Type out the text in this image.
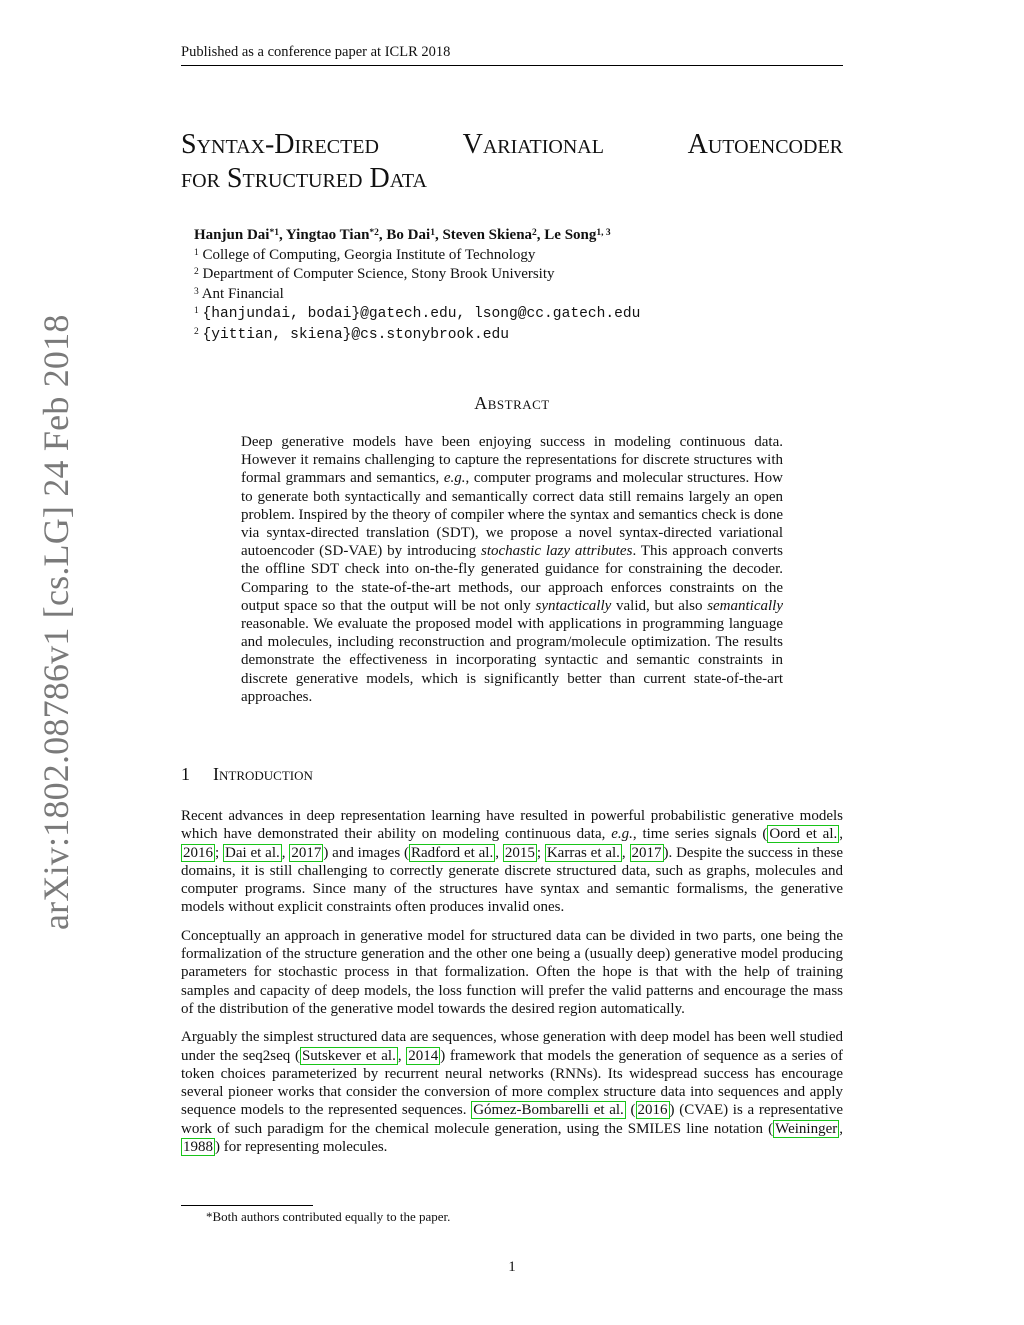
Published as a conference paper at ICLR 2018
arXiv:1802.08786v1 [cs.LG] 24 Feb 2018
Syntax-Directed	Variational	Autoencoder
for Structured Data
Hanjun Dai$^{*1}$, Yingtao Tian$^{*2}$, Bo Dai$^1$, Steven Skiena$^2$, Le Song$^{1, 3}$
$^1$ College of Computing, Georgia Institute of Technology
$^2$ Department of Computer Science, Stony Brook University
$^3$ Ant Financial
$^1$ {hanjundai, bodai}@gatech.edu, lsong@cc.gatech.edu
$^2$ {yittian, skiena}@cs.stonybrook.edu
Abstract
Deep generative models have been enjoying success in modeling continuous data. However it remains challenging to capture the representations for discrete structures with formal grammars and semantics, e.g., computer programs and molecular structures. How to generate both syntactically and semantically correct data still remains largely an open problem. Inspired by the theory of compiler where the syntax and semantics check is done via syntax-directed translation (SDT), we propose a novel syntax-directed variational autoencoder (SD-VAE) by introducing stochastic lazy attributes. This approach converts the offline SDT check into on-the-fly generated guidance for constraining the decoder. Comparing to the state-of-the-art methods, our approach enforces constraints on the output space so that the output will be not only syntactically valid, but also semantically reasonable. We evaluate the proposed model with applications in programming language and molecules, including reconstruction and program/molecule optimization. The results demonstrate the effectiveness in incorporating syntactic and semantic constraints in discrete generative models, which is significantly better than current state-of-the-art approaches.
1 Introduction

Recent advances in deep representation learning have resulted in powerful probabilistic generative models which have demonstrated their ability on modeling continuous data, e.g., time series signals ( Oord et al. , 2016 ; Dai et al. , 2017 ) and images ( Radford et al. , 2015 ; Karras et al. , 2017 ). Despite the success in these domains, it is still challenging to correctly generate discrete structured data, such as graphs, molecules and computer programs. Since many of the structures have syntax and semantic formalisms, the generative models without explicit constraints often produces invalid ones.

Conceptually an approach in generative model for structured data can be divided in two parts, one being the formalization of the structure generation and the other one being a (usually deep) generative model producing parameters for stochastic process in that formalization. Often the hope is that with the help of training samples and capacity of deep models, the loss function will prefer the valid patterns and encourage the mass of the distribution of the generative model towards the desired region automatically.

Arguably the simplest structured data are sequences, whose generation with deep model has been well studied under the seq2seq ( Sutskever et al. , 2014 ) framework that models the generation of sequence as a series of token choices parameterized by recurrent neural networks (RNNs). Its widespread success has encourage several pioneer works that consider the conversion of more complex structure data into sequences and apply sequence models to the represented sequences. Gómez-Bombarelli et al. ( 2016 ) (CVAE) is a representative work of such paradigm for the chemical molecule generation, using the SMILES line notation ( Weininger , 1988 ) for representing molecules.

*Both authors contributed equally to the paper.
1
